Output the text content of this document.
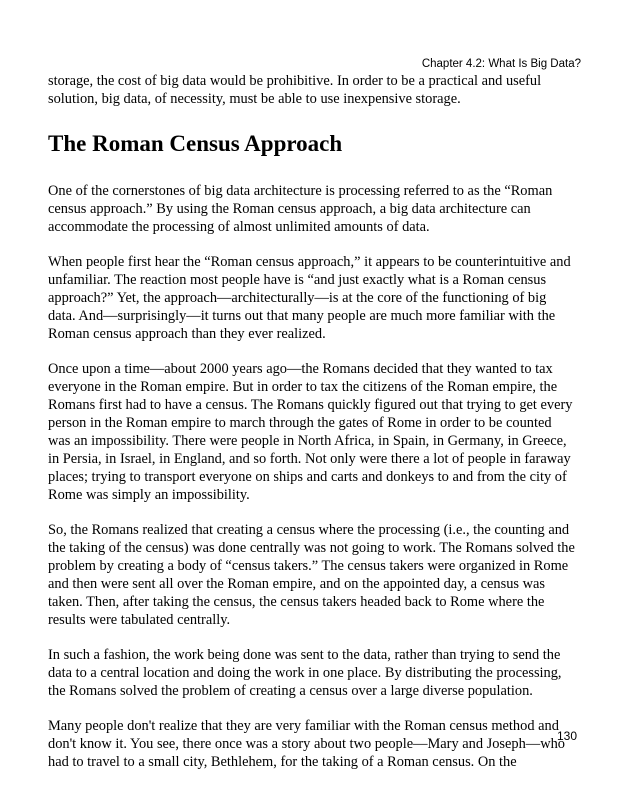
Chapter 4.2: What Is Big Data?

storage, the cost of big data would be prohibitive. In order to be a practical and useful solution, big data, of necessity, must be able to use inexpensive storage.

The Roman Census Approach

One of the cornerstones of big data architecture is processing referred to as the “Roman census approach.” By using the Roman census approach, a big data architecture can accommodate the processing of almost unlimited amounts of data.

When people first hear the “Roman census approach,” it appears to be counterintuitive and unfamiliar. The reaction most people have is “and just exactly what is a Roman census approach?” Yet, the approach—architecturally—is at the core of the functioning of big data. And—surprisingly—it turns out that many people are much more familiar with the Roman census approach than they ever realized.

Once upon a time—about 2000 years ago—the Romans decided that they wanted to tax everyone in the Roman empire. But in order to tax the citizens of the Roman empire, the Romans first had to have a census. The Romans quickly figured out that trying to get every person in the Roman empire to march through the gates of Rome in order to be counted was an impossibility. There were people in North Africa, in Spain, in Germany, in Greece, in Persia, in Israel, in England, and so forth. Not only were there a lot of people in faraway places; trying to transport everyone on ships and carts and donkeys to and from the city of Rome was simply an impossibility.

So, the Romans realized that creating a census where the processing (i.e., the counting and the taking of the census) was done centrally was not going to work. The Romans solved the problem by creating a body of “census takers.” The census takers were organized in Rome and then were sent all over the Roman empire, and on the appointed day, a census was taken. Then, after taking the census, the census takers headed back to Rome where the results were tabulated centrally.

In such a fashion, the work being done was sent to the data, rather than trying to send the data to a central location and doing the work in one place. By distributing the processing, the Romans solved the problem of creating a census over a large diverse population.

Many people don't realize that they are very familiar with the Roman census method and don't know it. You see, there once was a story about two people—Mary and Joseph—who had to travel to a small city, Bethlehem, for the taking of a Roman census. On the

130
